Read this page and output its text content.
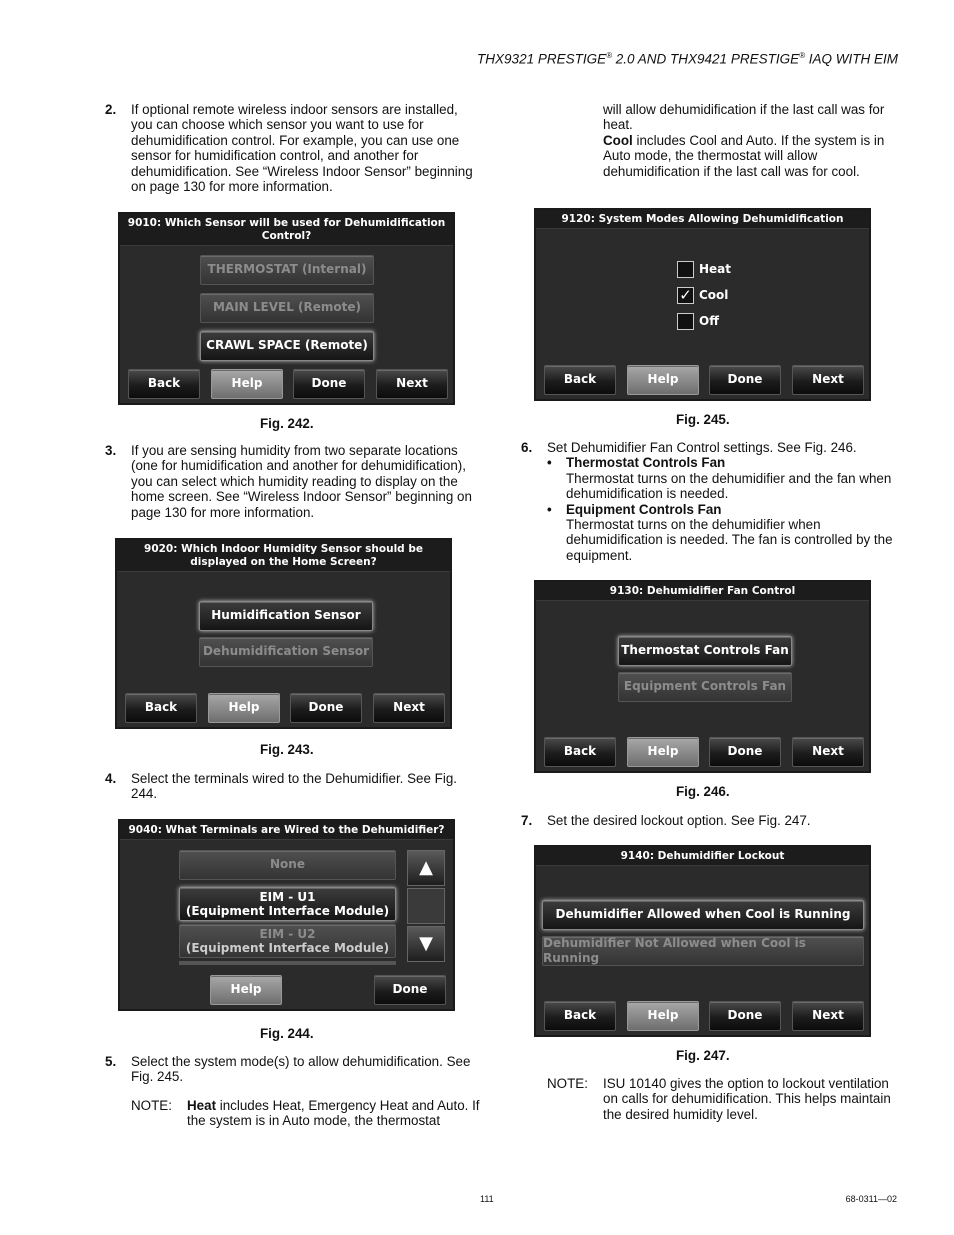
THX9321 PRESTIGE® 2.0 AND THX9421 PRESTIGE® IAQ WITH EIM
2.	If optional remote wireless indoor sensors are installed, you can choose which sensor you want to use for dehumidification control. For example, you can use one sensor for humidification control, and another for dehumidification. See “Wireless Indoor Sensor” beginning on page 130 for more information.
9010: Which Sensor will be used for Dehumidification Control?
THERMOSTAT (Internal)
MAIN LEVEL (Remote)
CRAWL SPACE (Remote)
Back	Help	Done	Next
Fig. 242.
3.	If you are sensing humidity from two separate locations (one for humidification and another for dehumidification), you can select which humidity reading to display on the home screen. See “Wireless Indoor Sensor” beginning on page 130 for more information.
9020: Which Indoor Humidity Sensor should be displayed on the Home Screen?
Humidification Sensor
Dehumidification Sensor
Back	Help	Done	Next
Fig. 243.
4.	Select the terminals wired to the Dehumidifier. See Fig. 244.
9040: What Terminals are Wired to the Dehumidifier?
None
EIM - U1
(Equipment Interface Module)
EIM - U2
(Equipment Interface Module)
▲
▼
Help	Done
Fig. 244.
5.	Select the system mode(s) to allow dehumidification. See Fig. 245.
NOTE:	Heat includes Heat, Emergency Heat and Auto. If the system is in Auto mode, the thermostat
will allow dehumidification if the last call was for heat.
Cool includes Cool and Auto. If the system is in Auto mode, the thermostat will allow dehumidification if the last call was for cool.
9120: System Modes Allowing Dehumidification
Heat
✓ Cool
Off
Back	Help	Done	Next
Fig. 245.
6.	Set Dehumidifier Fan Control settings. See Fig. 246.
•	Thermostat Controls Fan
Thermostat turns on the dehumidifier and the fan when dehumidification is needed.
•	Equipment Controls Fan
Thermostat turns on the dehumidifier when dehumidification is needed. The fan is controlled by the equipment.
9130: Dehumidifier Fan Control
Thermostat Controls Fan
Equipment Controls Fan
Back	Help	Done	Next
Fig. 246.
7.	Set the desired lockout option. See Fig. 247.
9140: Dehumidifier Lockout
Dehumidifier Allowed when Cool is Running
Dehumidifier Not Allowed when Cool is Running
Back	Help	Done	Next
Fig. 247.
NOTE:	ISU 10140 gives the option to lockout ventilation on calls for dehumidification. This helps maintain the desired humidity level.
111	68-0311—02
